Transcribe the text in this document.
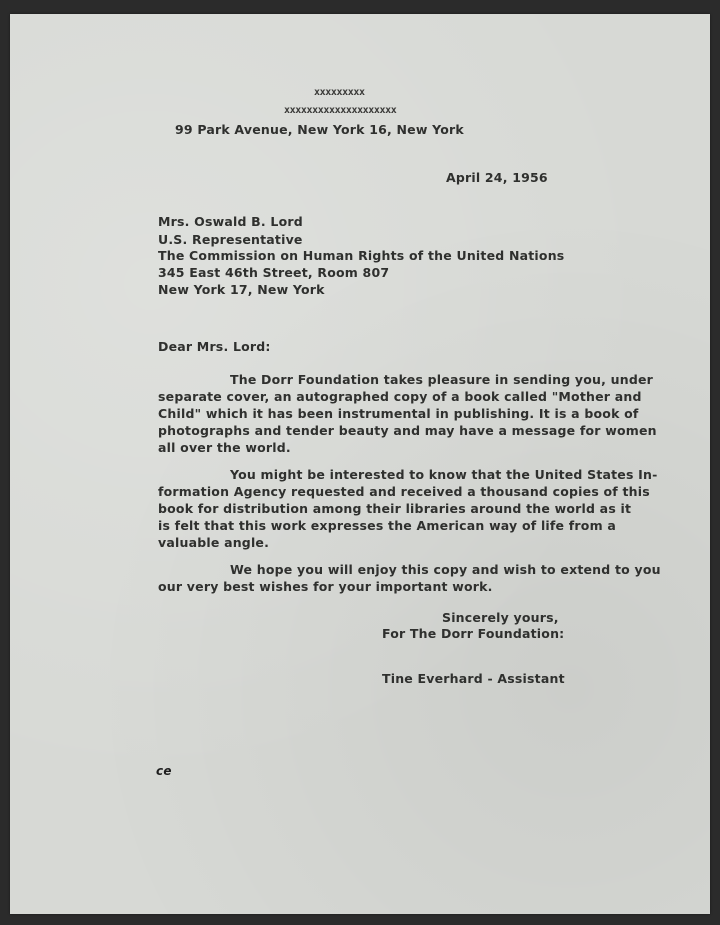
xxxxxxxxx
xxxxxxxxxxxxxxxxxxxx
99 Park Avenue, New York 16, New York
April 24, 1956
Mrs. Oswald B. Lord
U.S. Representative
The Commission on Human Rights of the United Nations
345 East 46th Street, Room 807
New York 17, New York
Dear Mrs. Lord:
The Dorr Foundation takes pleasure in sending you, under
separate cover, an autographed copy of a book called "Mother and
Child" which it has been instrumental in publishing. It is a book of
photographs and tender beauty and may have a message for women
all over the world.
You might be interested to know that the United States In-
formation Agency requested and received a thousand copies of this
book for distribution among their libraries around the world as it
is felt that this work expresses the American way of life from a
valuable angle.
We hope you will enjoy this copy and wish to extend to you
our very best wishes for your important work.
Sincerely yours,
For The Dorr Foundation:
Tine Everhard - Assistant
ce
